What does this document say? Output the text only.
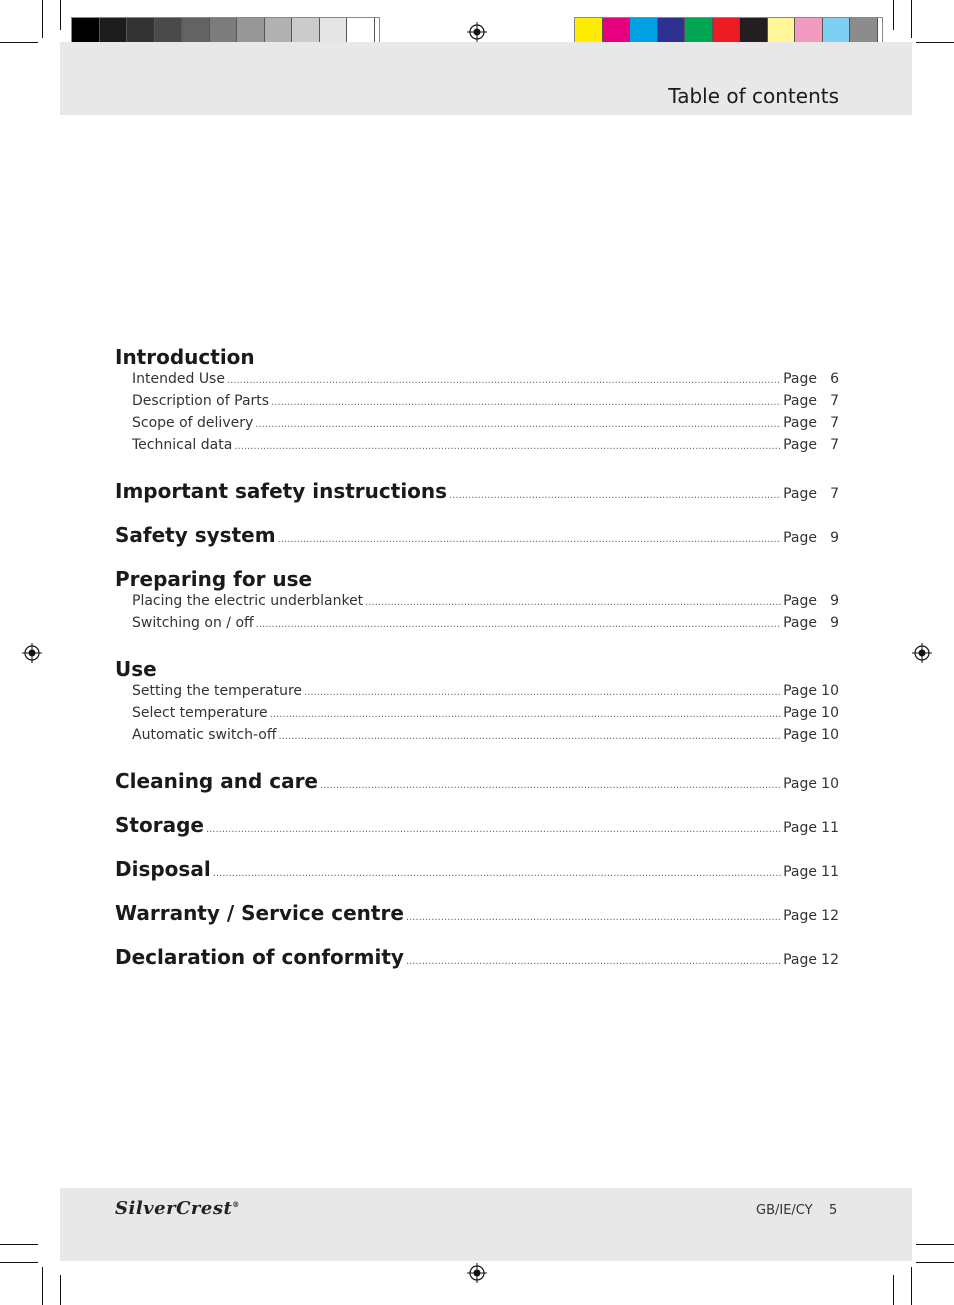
Table of contents
Introduction
Intended Use .....	Page 6
Description of Parts .....	Page 7
Scope of delivery .....	Page 7
Technical data .....	Page 7
Important safety instructions .....	Page 7
Safety system .....	Page 9
Preparing for use
Placing the electric underblanket .....	Page 9
Switching on / off .....	Page 9
Use
Setting the temperature .....	Page 10
Select temperature .....	Page 10
Automatic switch-off .....	Page 10
Cleaning and care .....	Page 10
Storage .....	Page 11
Disposal .....	Page 11
Warranty / Service centre .....	Page 12
Declaration of conformity .....	Page 12
SilverCrest®	GB/IE/CY 5
